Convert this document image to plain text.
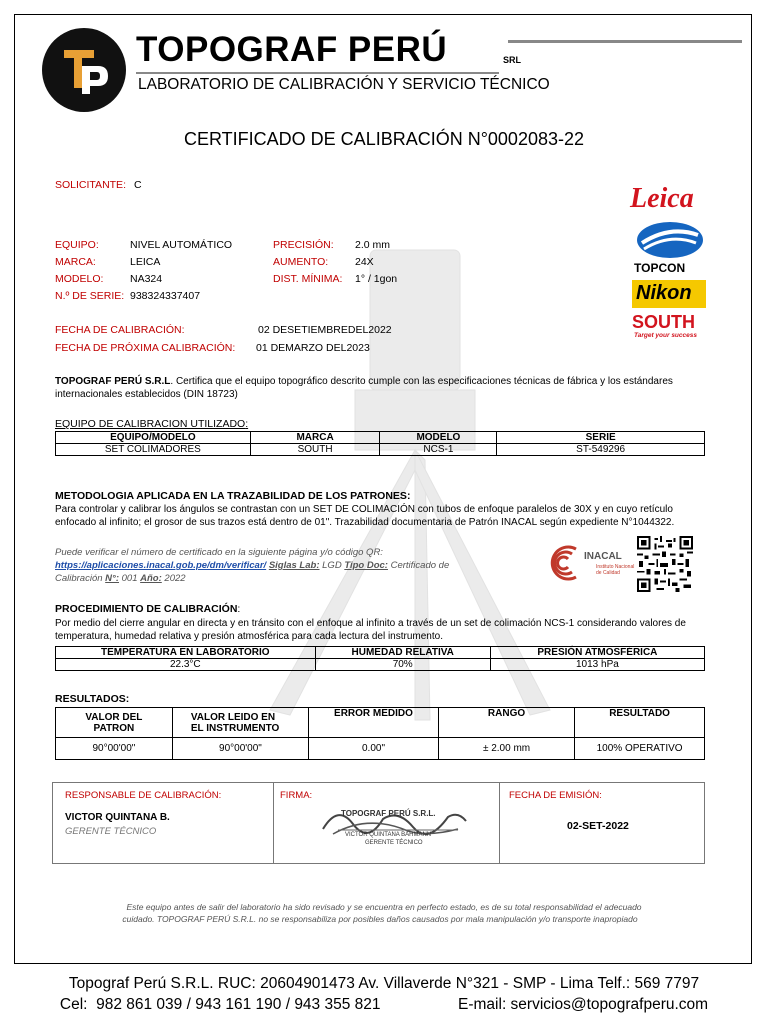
TOPOGRAF PERÚ	SRL
LABORATORIO DE CALIBRACIÓN Y SERVICIO TÉCNICO
CERTIFICADO DE CALIBRACIÓN N°0002083-22
SOLICITANTE: C
EQUIPO:	NIVEL AUTOMÁTICO
MARCA:	LEICA
MODELO:	NA324
N.º DE SERIE: 938324337407
PRECISIÓN: 2.0 mm
AUMENTO:	24X
DIST. MÍNIMA: 1° / 1gon
FECHA DE CALIBRACIÓN:	02 DESETIEMBREDEL2022
FECHA DE PRÓXIMA CALIBRACIÓN: 01 DEMARZO DEL2023
Leica
TOPCON
Nikon
SOUTH
Target your success
TOPOGRAF PERÚ S.R.L. Certifica que el equipo topográfico descrito cumple con las especificaciones técnicas de fábrica y los estándares internacionales establecidos (DIN 18723)
EQUIPO DE CALIBRACION UTILIZADO:
EQUIPO/MODELO	MARCA	MODELO	SERIE
SET COLIMADORES	SOUTH	NCS-1	ST-549296
METODOLOGIA APLICADA EN LA TRAZABILIDAD DE LOS PATRONES:
Para controlar y calibrar los ángulos se contrastan con un SET DE COLIMACIÓN con tubos de enfoque paralelos de 30X y en cuyo retículo enfocado al infinito; el grosor de sus trazos está dentro de 01". Trazabilidad documentaria de Patrón INACAL según expediente N°1044322.
Puede verificar el número de certificado en la siguiente página y/o código QR:
https://aplicaciones.inacal.gob.pe/dm/verificar/ Siglas Lab: LGD Tipo Doc: Certificado de
Calibración N°: 001 Año: 2022
INACAL
Instituto Nacional
de Calidad
PROCEDIMIENTO DE CALIBRACIÓN:
Por medio del cierre angular en directa y en tránsito con el enfoque al infinito a través de un set de colimación NCS-1 considerando valores de temperatura, humedad relativa y presión atmosférica para cada lectura del instrumento.
TEMPERATURA EN LABORATORIO	HUMEDAD RELATIVA	PRESIÓN ATMOSFÉRICA
22.3°C	70%	1013 hPa
RESULTADOS:
VALOR DEL
PATRON	VALOR LEIDO EN
EL INSTRUMENTO	ERROR MEDIDO	RANGO	RESULTADO
90°00'00"	90°00'00"	0.00"	± 2.00 mm	100% OPERATIVO
RESPONSABLE DE CALIBRACIÓN:
VICTOR QUINTANA B.
GERENTE TÉCNICO
FIRMA:
TOPOGRAF PERÚ S.R.L.
VICTOR QUINTANA BAHMANN
GERENTE TÉCNICO
FECHA DE EMISIÓN:
02-SET-2022
Este equipo antes de salir del laboratorio ha sido revisado y se encuentra en perfecto estado, es de su total responsabilidad el adecuado
cuidado. TOPOGRAF PERÚ S.R.L. no se responsabiliza por posibles daños causados por mala manipulación y/o transporte inapropiado
Topograf Perú S.R.L. RUC: 20604901473 Av. Villaverde N°321 - SMP - Lima Telf.: 569 7797
Cel:  982 861 039 / 943 161 190 / 943 355 821                  E-mail: servicios@topografperu.com
